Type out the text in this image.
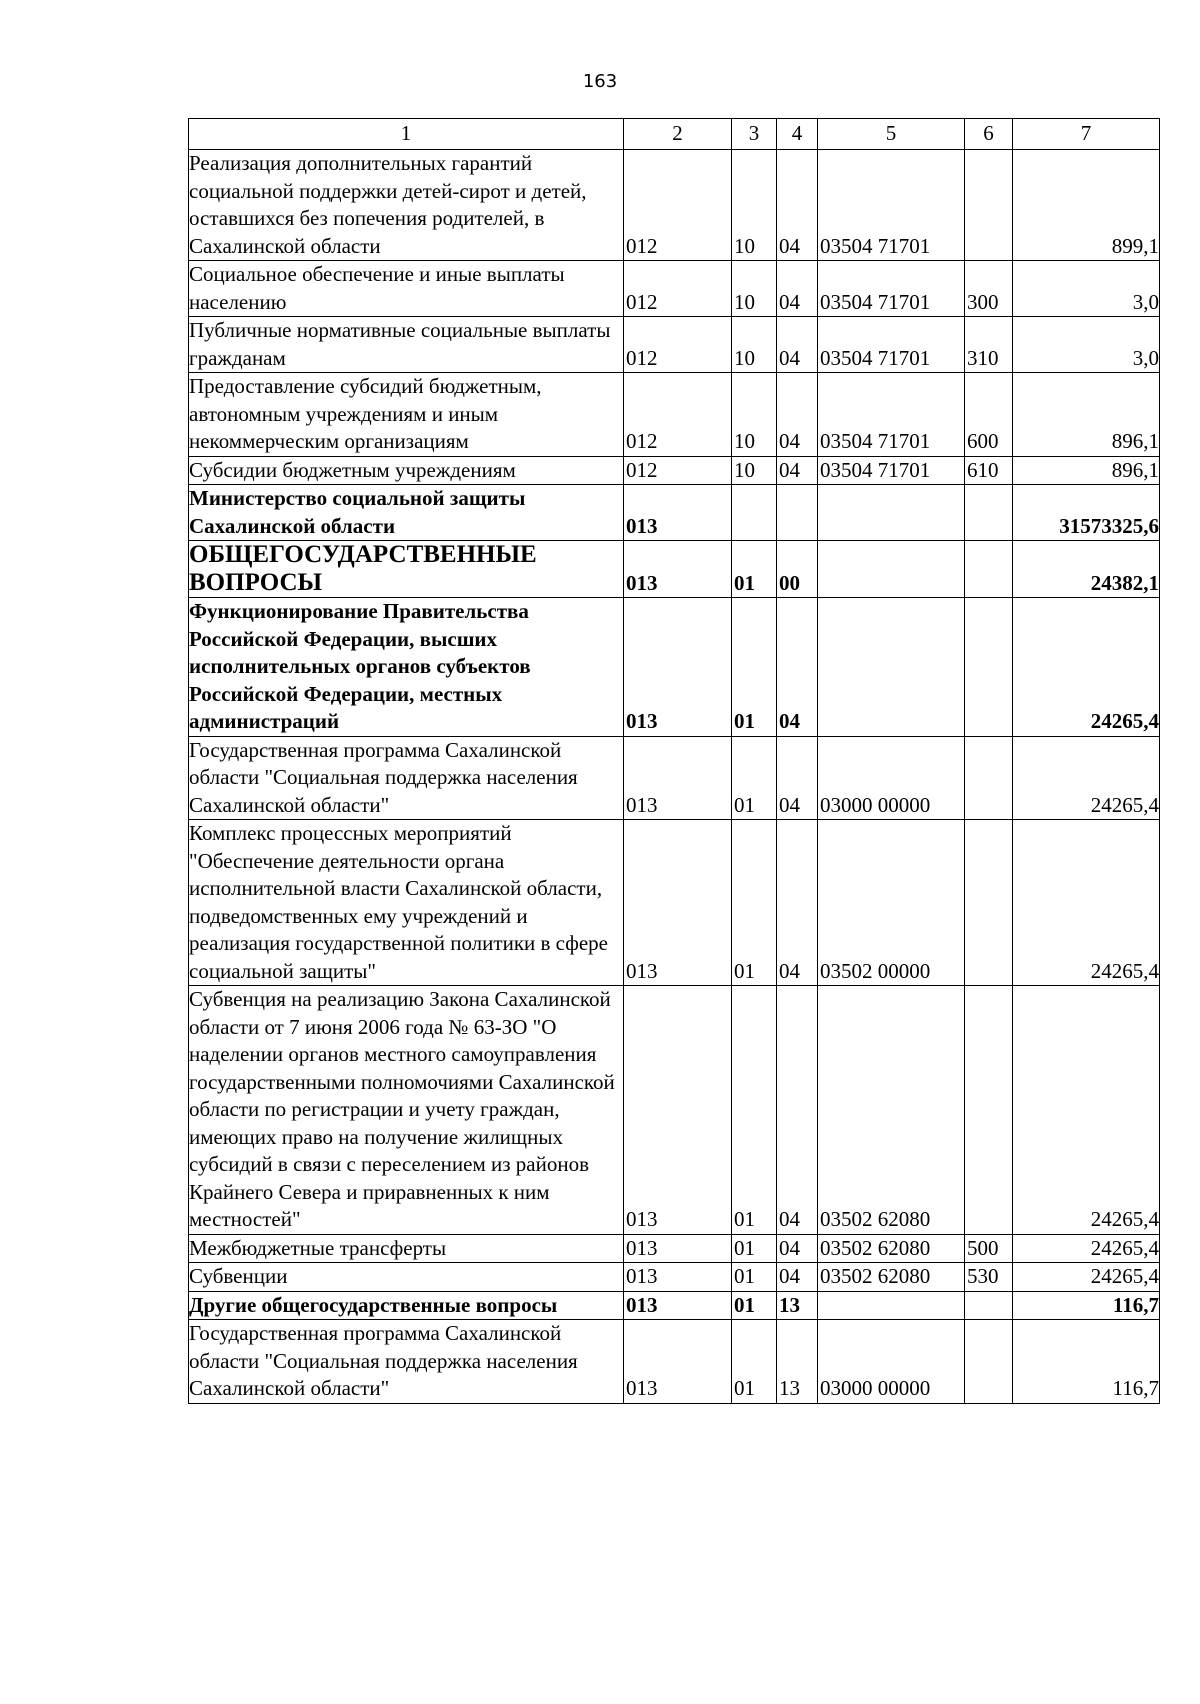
163
1	2	3	4	5	6	7
Реализация дополнительных гарантий социальной поддержки детей-сирот и детей, оставшихся без попечения родителей, в Сахалинской области	012	10	04	03504 71701		899,1
Социальное обеспечение и иные выплаты населению	012	10	04	03504 71701	300	3,0
Публичные нормативные социальные выплаты гражданам	012	10	04	03504 71701	310	3,0
Предоставление субсидий бюджетным, автономным учреждениям и иным некоммерческим организациям	012	10	04	03504 71701	600	896,1
Субсидии бюджетным учреждениям	012	10	04	03504 71701	610	896,1
Министерство социальной защиты Сахалинской области	013					31573325,6
ОБЩЕГОСУДАРСТВЕННЫЕ ВОПРОСЫ	013	01	00			24382,1
Функционирование Правительства Российской Федерации, высших исполнительных органов субъектов Российской Федерации, местных администраций	013	01	04			24265,4
Государственная программа Сахалинской области "Социальная поддержка населения Сахалинской области"	013	01	04	03000 00000		24265,4
Комплекс процессных мероприятий "Обеспечение деятельности органа исполнительной власти Сахалинской области, подведомственных ему учреждений и реализация государственной политики в сфере социальной защиты"	013	01	04	03502 00000		24265,4
Субвенция на реализацию Закона Сахалинской области от 7 июня 2006 года № 63-ЗО "О наделении органов местного самоуправления государственными полномочиями Сахалинской области по регистрации и учету граждан, имеющих право на получение жилищных субсидий в связи с переселением из районов Крайнего Севера и приравненных к ним местностей"	013	01	04	03502 62080		24265,4
Межбюджетные трансферты	013	01	04	03502 62080	500	24265,4
Субвенции	013	01	04	03502 62080	530	24265,4
Другие общегосударственные вопросы	013	01	13			116,7
Государственная программа Сахалинской области "Социальная поддержка населения Сахалинской области"	013	01	13	03000 00000		116,7
